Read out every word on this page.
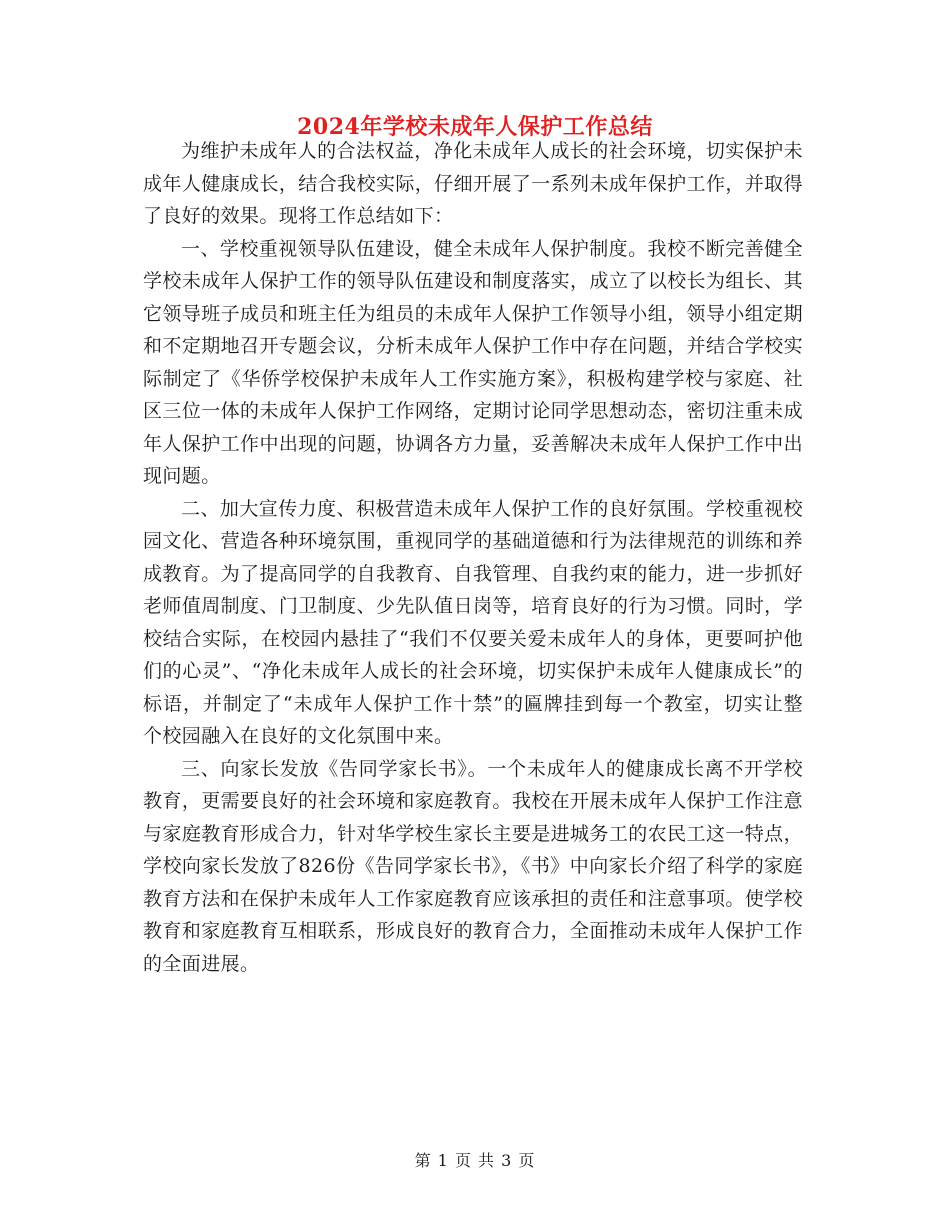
2024年学校未成年人保护工作总结

为维护未成年人的合法权益，净化未成年人成长的社会环境，切实保护未成年人健康成长，结合我校实际，仔细开展了一系列未成年保护工作，并取得了良好的效果。现将工作总结如下：

一、学校重视领导队伍建设，健全未成年人保护制度。我校不断完善健全学校未成年人保护工作的领导队伍建设和制度落实，成立了以校长为组长、其它领导班子成员和班主任为组员的未成年人保护工作领导小组，领导小组定期和不定期地召开专题会议，分析未成年人保护工作中存在问题，并结合学校实际制定了《华侨学校保护未成年人工作实施方案》，积极构建学校与家庭、社区三位一体的未成年人保护工作网络，定期讨论同学思想动态，密切注重未成年人保护工作中出现的问题，协调各方力量，妥善解决未成年人保护工作中出现问题。

二、加大宣传力度、积极营造未成年人保护工作的良好氛围。学校重视校园文化、营造各种环境氛围，重视同学的基础道德和行为法律规范的训练和养成教育。为了提高同学的自我教育、自我管理、自我约束的能力，进一步抓好老师值周制度、门卫制度、少先队值日岗等，培育良好的行为习惯。同时，学校结合实际，在校园内悬挂了“我们不仅要关爱未成年人的身体，更要呵护他们的心灵”、“净化未成年人成长的社会环境，切实保护未成年人健康成长”的标语，并制定了“未成年人保护工作十禁”的匾牌挂到每一个教室，切实让整个校园融入在良好的文化氛围中来。

三、向家长发放《告同学家长书》。一个未成年人的健康成长离不开学校教育，更需要良好的社会环境和家庭教育。我校在开展未成年人保护工作注意与家庭教育形成合力，针对华学校生家长主要是进城务工的农民工这一特点，学校向家长发放了826份《告同学家长书》，《书》中向家长介绍了科学的家庭教育方法和在保护未成年人工作家庭教育应该承担的责任和注意事项。使学校教育和家庭教育互相联系，形成良好的教育合力，全面推动未成年人保护工作的全面进展。

第 1 页 共 3 页
